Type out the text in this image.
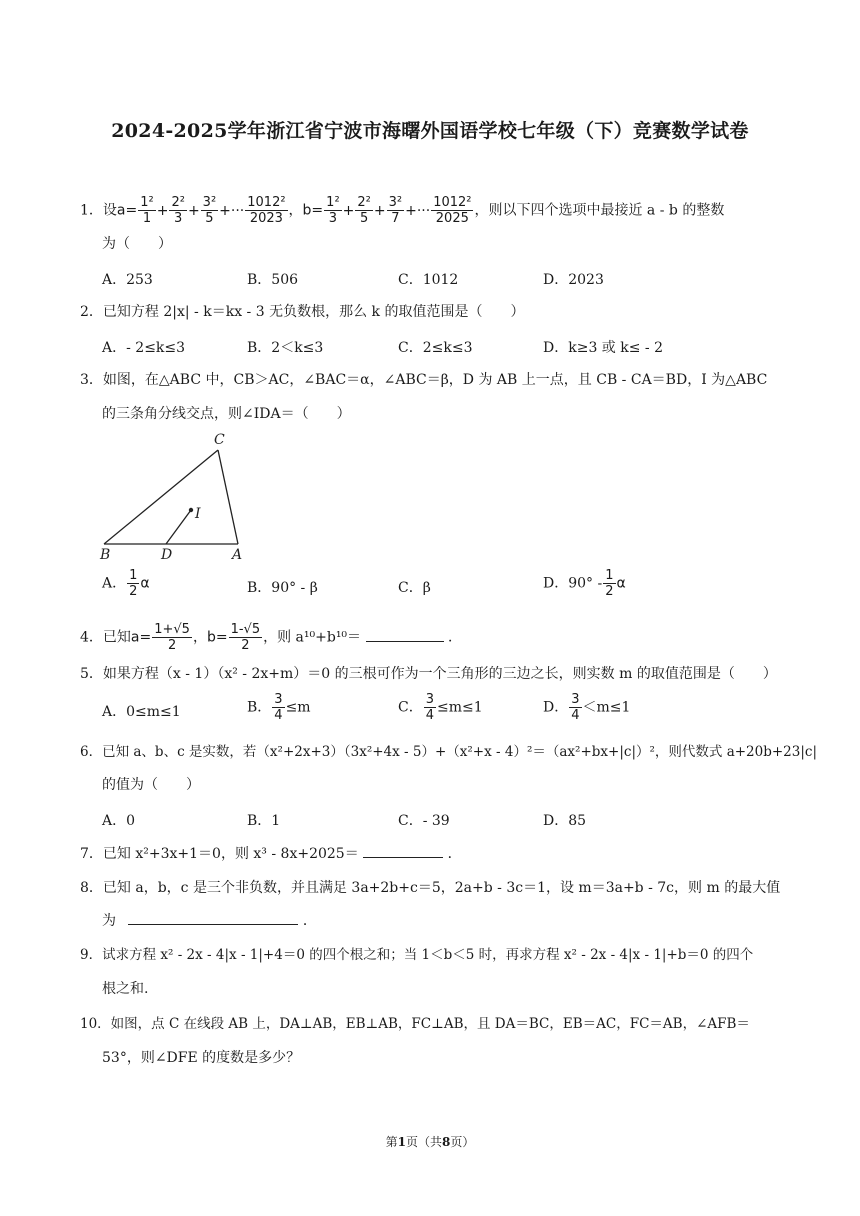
2024-2025学年浙江省宁波市海曙外国语学校七年级（下）竞赛数学试卷
1．设$a= \frac{\text{1²}}{1} + \frac{\text{2²}}{3} + \frac{\text{3²}}{5}$ +··· $\frac{\text{1012²}}{2023}$ ，$b= \frac{\text{1²}}{3} + \frac{\text{2²}}{5} + \frac{\text{3²}}{7}$ +··· $\frac{\text{1012²}}{2025}$ ，则以下四个选项中最接近 a - b 的整数
为（　　）
A．253	B．506	C．1012	D．2023
2．已知方程 2|x| - k＝kx - 3 无负数根，那么 k 的取值范围是（　　）
A．- 2≤k≤3	B．2＜k≤3	C．2≤k≤3	D．k≥3 或 k≤ - 2
3．如图，在△ABC 中，CB＞AC，∠BAC＝α，∠ABC＝β，D 为 AB 上一点，且 CB - CA＝BD，I 为△ABC
的三条角分线交点，则∠IDA＝（　　）
C
I
B	D	A
A． $\frac{1}{2}$ α	B．90° - β	C．β	D．$90^\circ - \frac{1}{2}$ α
4．已知$a= \frac{1+√5}{2}$ ，$b= \frac{1-√5}{2}$ ，则 a¹⁰+b¹⁰＝	．
5．如果方程（x - 1）（x² - 2x+m）＝0 的三根可作为一个三角形的三边之长，则实数 m 的取值范围是（　　）
A．0≤m≤1	B． $\frac{3}{4} \le m$	C． $\frac{3}{4} \le m\le 1$	D． $\frac{3}{4} <m\le 1$
6．已知 a、b、c 是实数，若（x²+2x+3）（3x²+4x - 5）+（x²+x - 4）²＝（ax²+bx+|c|）²，则代数式 a+20b+23|c|
的值为（　　）
A．0	B．1	C．- 39	D．85
7．已知 x²+3x+1＝0，则 x³ - 8x+2025＝	．
8．已知 a，b，c 是三个非负数，并且满足 3a+2b+c＝5，2a+b - 3c＝1，设 m＝3a+b - 7c，则 m 的最大值
为	．
9．试求方程 x² - 2x - 4|x - 1|+4＝0 的四个根之和；当 1＜b＜5 时，再求方程 x² - 2x - 4|x - 1|+b＝0 的四个
根之和.
10．如图，点 C 在线段 AB 上，DA⊥AB，EB⊥AB，FC⊥AB，且 DA＝BC，EB＝AC，FC＝AB，∠AFB＝
53°，则∠DFE 的度数是多少？
第1页（共8页）
